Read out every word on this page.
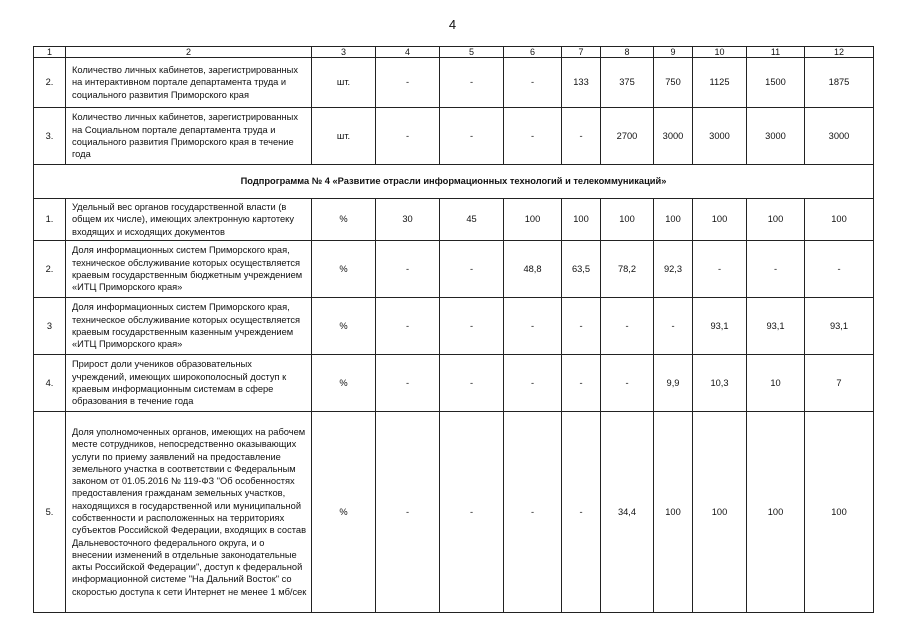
4
1	2	3	4	5	6	7	8	9	10	11	12
2.	Количество личных кабинетов, зарегистрированных на интерактивном портале департамента труда и социального развития Приморского края	шт.	-	-	-	133	375	750	1125	1500	1875
3.	Количество личных кабинетов, зарегистрированных на Социальном портале департамента труда и социального развития Приморского края в течение года	шт.	-	-	-	-	2700	3000	3000	3000	3000
Подпрограмма № 4 «Развитие отрасли информационных технологий и телекоммуникаций»											
1.	Удельный вес органов государственной власти (в общем их числе), имеющих электронную картотеку входящих и исходящих документов	%	30	45	100	100	100	100	100	100	100
2.	Доля информационных систем Приморского края, техническое обслуживание которых осуществляется краевым государственным бюджетным учреждением «ИТЦ Приморского края»	%	-	-	48,8	63,5	78,2	92,3	-	-	-
3	Доля информационных систем Приморского края, техническое обслуживание которых осуществляется краевым государственным казенным учреждением «ИТЦ Приморского края»	%	-	-	-	-	-	-	93,1	93,1	93,1
4.	Прирост доли учеников образовательных учреждений, имеющих широкополосный доступ к краевым информационным системам в сфере образования в течение года	%	-	-	-	-	-	9,9	10,3	10	7
5.	Доля уполномоченных органов, имеющих на рабочем месте сотрудников, непосредственно оказывающих услуги по приему заявлений на предоставление земельного участка в соответствии с Федеральным законом от 01.05.2016 № 119-ФЗ "Об особенностях предоставления гражданам земельных участков, находящихся в государственной или муниципальной собственности и расположенных на территориях субъектов Российской Федерации, входящих в состав Дальневосточного федерального округа, и о внесении изменений в отдельные законодательные акты Российской Федерации", доступ к федеральной информационной системе "На Дальний Восток" со скоростью доступа к сети Интернет не менее 1 мб/сек	%	-	-	-	-	34,4	100	100	100	100
